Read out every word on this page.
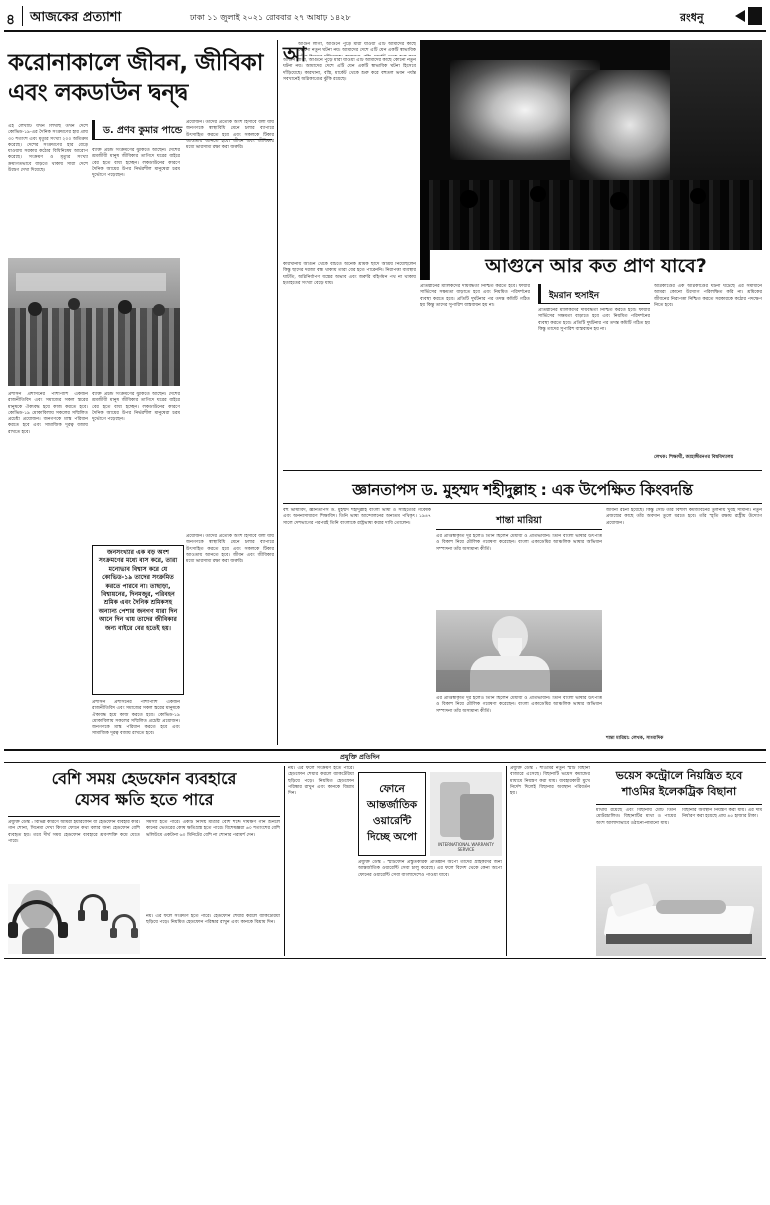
৪ আজকের প্রত্যাশা	ঢাকা ১১ জুলাই ২০২১ রোববার ২৭ আষাঢ় ১৪২৮	রংধনু
করোনাকালে জীবন, জীবিকা
এবং লকডাউন দ্বন্দ্ব
এই লেখাটি যখন লিখছি তখন দেশে কোভিড-১৯-এর দৈনিক সংক্রমণের হার প্রায় ৩০ শতাংশ এবং মৃত্যুর সংখ্যা ২০০ অতিক্রম করেছে। দেশের সংক্রমণের হার বেড়ে যাওয়ায় সরকার কঠোর বিধিনিষেধ আরোপ করেছে। সংক্রমণ ও মৃত্যুর সংখ্যা ক্রমাগতভাবে বাড়তে থাকায় সারা দেশে উদ্বেগ দেখা দিয়েছে।
ড. প্রণব কুমার পান্ডে
ব্যক্তি প্রচন্ড সংক্রমণের ঝুঁকিতে আছেন। দেশের শ্রমজীবী মানুষ জীবিকার তাগিদে ঘরের বাইরে বের হতে বাধ্য হচ্ছেন। লকডাউনের কারণে দৈনিক আয়ের উপর নির্ভরশীল মানুষেরা চরম দুর্ভোগে পড়েছেন।
প্রয়োজন। তাদের প্রত্যেক অংশ হিসাবে বলা যায় জনগণকে স্বাস্থ্যবিধি মেনে চলার ব্যাপারে উৎসাহিত করতে হবে এবং সকলকে টিকার আওতায় আনতে হবে। জীবন এবং জীবিকার মধ্যে ভারসাম্য রক্ষা করা জরুরি।
প্রশাসন প্রশাসনের পাশাপাশি একজন রাজনীতিবিদ এবং সমাজের সকল স্তরের মানুষকে ঐক্যবদ্ধ হয়ে কাজ করতে হবে। কোভিড-১৯ মোকাবিলায় সকলের সম্মিলিত প্রচেষ্টা প্রয়োজন। জনগণকে মাস্ক পরিধান করতে হবে এবং সামাজিক দূরত্ব বজায় রাখতে হবে।
ব্যক্তি প্রচন্ড সংক্রমণের ঝুঁকিতে আছেন। দেশের শ্রমজীবী মানুষ জীবিকার তাগিদে ঘরের বাইরে বের হতে বাধ্য হচ্ছেন। লকডাউনের কারণে দৈনিক আয়ের উপর নির্ভরশীল মানুষেরা চরম দুর্ভোগে পড়েছেন।
জনসংখ্যার এক বড় অংশ সংক্রমণের মধ্যে বাস করে, তারা মনোভাব বিশ্বাস করে যে কোভিড-১৯ তাদের সংক্রমিত করতে পারবে না। তাছাড়া, বিশ্বায়নের, দিনমজুর, পরিবহন শ্রমিক এবং দৈনিক শ্রমিকসহ অন্যান্য পেশার জনগণ যারা দিন আনে দিন খায় তাদের জীবিকার জন্য বাইরে বের হতেই হয়।
প্রয়োজন। তাদের প্রত্যেক অংশ হিসাবে বলা যায় জনগণকে স্বাস্থ্যবিধি মেনে চলার ব্যাপারে উৎসাহিত করতে হবে এবং সকলকে টিকার আওতায় আনতে হবে। জীবন এবং জীবিকার মধ্যে ভারসাম্য রক্ষা করা জরুরি।
প্রশাসন প্রশাসনের পাশাপাশি একজন রাজনীতিবিদ এবং সমাজের সকল স্তরের মানুষকে ঐক্যবদ্ধ হয়ে কাজ করতে হবে। কোভিড-১৯ মোকাবিলায় সকলের সম্মিলিত প্রচেষ্টা প্রয়োজন। জনগণকে মাস্ক পরিধান করতে হবে এবং সামাজিক দূরত্ব বজায় রাখতে হবে।
আ
আগুন লাগা, আগুনে পুড়ে মারা যাওয়া এটি আমাদের কাছে কোনো নতুন ঘটনা নয়। আমাদের দেশে এটি যেন একটি স্বাভাবিক
আগুন লাগা, আগুনে পুড়ে মারা যাওয়া এটি আমাদের কাছে কোনো নতুন ঘটনা নয়। আমাদের দেশে এটি যেন একটি স্বাভাবিক ঘটনা হিসেবে দাঁড়িয়েছে। কারখানা, বস্তি, মার্কেট থেকে শুরু করে বহুতল ভবন পর্যন্ত সবখানেই অগ্নিকাণ্ডের ঝুঁকি রয়েছে।
আগুনে আর কত প্রাণ যাবে?
কারখানায় আগুন থেকে বাঁচতে অনেক শ্রমিক ছাদে আশ্রয় নিয়েছিলেন কিন্তু ছাদের দরজা বন্ধ থাকায় তারা বের হতে পারেননি। নিরাপত্তা ব্যবস্থার ঘাটতি, অগ্নিনির্বাপণ যন্ত্রের অভাব এবং জরুরি বহির্গমন পথ না থাকায় হতাহতের সংখ্যা বেড়ে যায়।
প্রতিষ্ঠানের মালিকদের দায়বদ্ধতা নিশ্চিত করতে হবে। ফায়ার সার্ভিসের সক্ষমতা বাড়াতে হবে এবং নিয়মিত পরিদর্শনের ব্যবস্থা করতে হবে। প্রতিটি দুর্ঘটনার পর তদন্ত কমিটি গঠিত হয় কিন্তু তাদের সুপারিশ বাস্তবায়ন হয় না।
ইমরান হুসাইন
প্রতিষ্ঠানের মালিকদের দায়বদ্ধতা নিশ্চিত করতে হবে। ফায়ার সার্ভিসের সক্ষমতা বাড়াতে হবে এবং নিয়মিত পরিদর্শনের ব্যবস্থা করতে হবে। প্রতিটি দুর্ঘটনার পর তদন্ত কমিটি গঠিত হয় কিন্তু তাদের সুপারিশ বাস্তবায়ন হয় না।
অগ্নিকাণ্ডের এক অগ্নিকাণ্ডের ঘটনা ঘটেছে এর সমাধানে আমরা কোনো উদ্যোগ পরিলক্ষিত করি না। শ্রমিকের জীবনের নিরাপত্তা নিশ্চিত করতে সরকারকে কঠোর পদক্ষেপ নিতে হবে।
লেখক: শিক্ষার্থী, জাহাঙ্গীরনগর বিশ্ববিদ্যালয়
জ্ঞানতাপস ড. মুহম্মদ শহীদুল্লাহ : এক উপেক্ষিত কিংবদন্তি
বহু ভাষাবিদ, জ্ঞানতাপস ড. মুহম্মদ শহীদুল্লাহ বাংলা ভাষা ও সাহিত্যের গবেষক এবং অনন্যসাধারণ শিক্ষাবিদ। তিনি ভাষা আন্দোলনের অন্যতম পথিকৃৎ। ১৯৪৭ সালে দেশভাগের পরপরই তিনি বাংলাকে রাষ্ট্রভাষা করার দাবি তোলেন।	শান্তা মারিয়া
এর প্রাপ্তস্বীকৃতি দূর হলেও তিনি ছিলেন মেধাবী ও প্রতিভাবান। তিনি বাংলা ভাষার উৎপত্তি ও বিকাশ নিয়ে মৌলিক গবেষণা করেছেন। বাংলা একাডেমির আঞ্চলিক ভাষার অভিধান সম্পাদনা তাঁর অসামান্য কীর্তি।
এর প্রাপ্তস্বীকৃতি দূর হলেও তিনি ছিলেন মেধাবী ও প্রতিভাবান। তিনি বাংলা ভাষার উৎপত্তি ও বিকাশ নিয়ে মৌলিক গবেষণা করেছেন। বাংলা একাডেমির আঞ্চলিক ভাষার অভিধান সম্পাদনা তাঁর অসামান্য কীর্তি।
জীবনী রচনা হয়েছে। কিন্তু সেটি তাঁর বিশাল কর্মজীবনের তুলনায় খুবই সামান্য। নতুন প্রজন্মের কাছে তাঁর অবদান তুলে ধরতে হবে। তাঁর স্মৃতি রক্ষায় রাষ্ট্রীয় উদ্যোগ প্রয়োজন।
শান্তা মারিয়া: লেখক, সাংবাদিক
প্রযুক্তি প্রতিদিন
বেশি সময় হেডফোন ব্যবহারে
যেসব ক্ষতি হতে পারে
প্রযুক্তি ডেস্ক : বিভিন্ন কারণে আমরা ইয়ারফোন বা হেডফোন ব্যবহার করি। গান শোনা, সিনেমা দেখা কিংবা ফোনে কথা বলার জন্য হেডফোন বেশি ব্যবহৃত হয়। তবে দীর্ঘ সময় হেডফোন ব্যবহারে শ্রবণশক্তি কমে যেতে পারে।
সমস্যা হতে পারে। একটি নির্দিষ্ট মাত্রার বেশি শব্দে দীর্ঘক্ষণ গান শুনলে কানের ভেতরের কোষ ক্ষতিগ্রস্ত হতে পারে। বিশেষজ্ঞরা ৬০ শতাংশের বেশি ভলিউমে একটানা ৬০ মিনিটের বেশি না শোনার পরামর্শ দেন।
নয়। এর ফলে সংক্রমণ হতে পারে। হেডফোন শেয়ার করলে ব্যাকটেরিয়া ছড়িয়ে পড়ে। নিয়মিত হেডফোন পরিষ্কার রাখুন এবং কানকে বিশ্রাম দিন।
নয়। এর ফলে সংক্রমণ হতে পারে। হেডফোন শেয়ার করলে ব্যাকটেরিয়া ছড়িয়ে পড়ে। নিয়মিত হেডফোন পরিষ্কার রাখুন এবং কানকে বিশ্রাম দিন।	ফোনে
আন্তর্জাতিক
ওয়ারেন্টি
দিচ্ছে অপো
INTERNATIONAL WARRANTY SERVICE
প্রযুক্তি ডেস্ক : স্মার্টফোন প্রস্তুতকারক প্রতিষ্ঠান অপো তাদের গ্রাহকদের জন্য আন্তর্জাতিক ওয়ারেন্টি সেবা চালু করেছে। এর ফলে বিদেশ থেকে কেনা অপো ফোনের ওয়ারেন্টি সেবা বাংলাদেশেও পাওয়া যাবে।
প্রযুক্তি ডেস্ক : শাওমির নতুন স্মার্ট বিছানা বাজারে এসেছে। বিছানাটি ভয়েস কমান্ডের মাধ্যমে নিয়ন্ত্রণ করা যায়। ব্যবহারকারী মুখে নির্দেশ দিলেই বিছানার অবস্থান পরিবর্তন হয়।
ভয়েস কন্ট্রোলে নিয়ন্ত্রিত হবে
শাওমির ইলেকট্রিক বিছানা
মাথায় রয়েছে এবং বিছানায় মোট তিনি মোটরচালিত। বিছানাটির মাথা ও পায়ের অংশ আলাদাভাবে ওঠানো-নামানো যায়।
বিছানার অবস্থান নিয়ন্ত্রণ করা যায়। এর দাম নির্ধারণ করা হয়েছে প্রায় ৪৫ হাজার টাকা।
